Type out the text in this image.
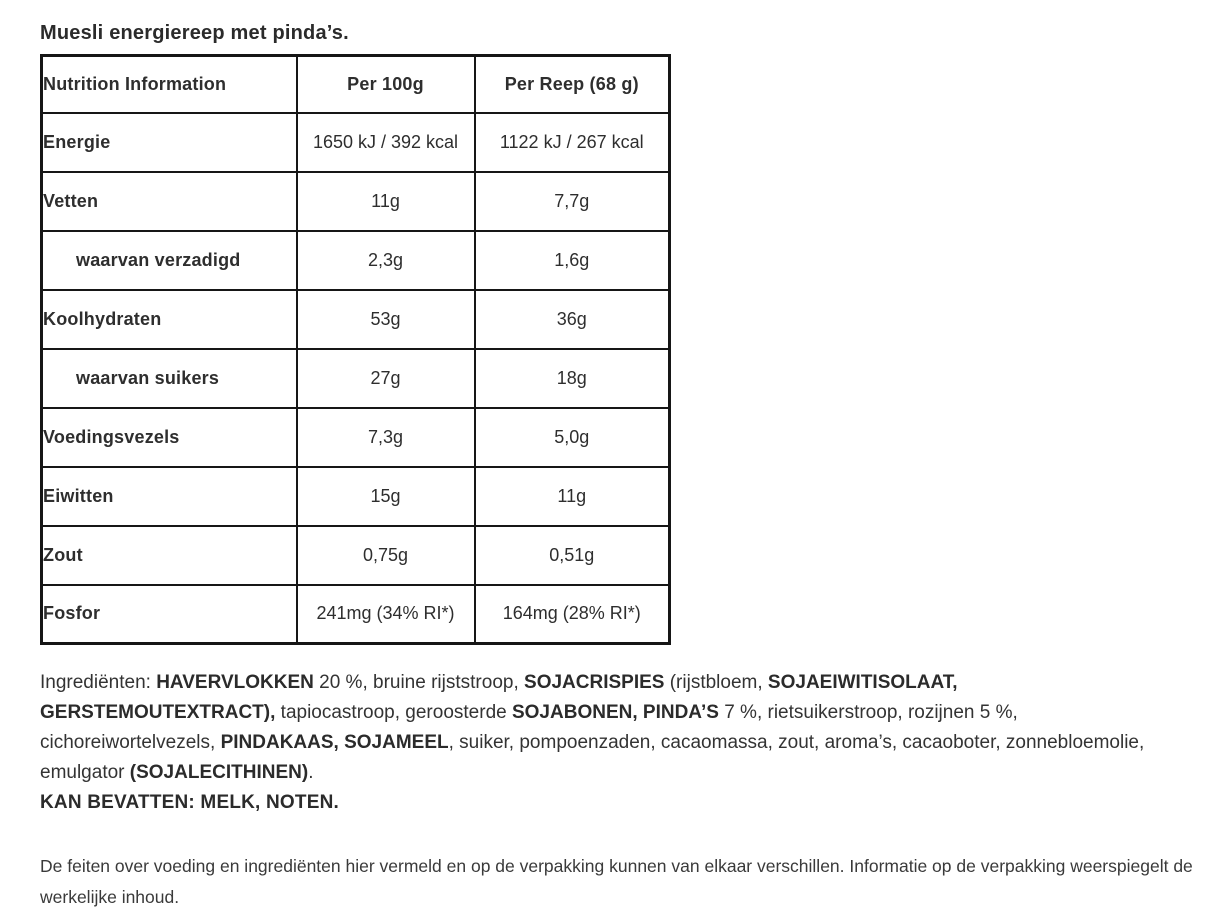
Muesli energiereep met pinda’s.
Nutrition Information	Per 100g	Per Reep (68 g)
Energie	1650 kJ / 392 kcal	1122 kJ / 267 kcal
Vetten	11g	7,7g
waarvan verzadigd	2,3g	1,6g
Koolhydraten	53g	36g
waarvan suikers	27g	18g
Voedingsvezels	7,3g	5,0g
Eiwitten	15g	11g
Zout	0,75g	0,51g
Fosfor	241mg (34% RI*)	164mg (28% RI*)

Ingrediënten: HAVERVLOKKEN 20 %, bruine rijststroop, SOJACRISPIES (rijstbloem, SOJAEIWITISOLAAT, GERSTEMOUTEXTRACT), tapiocastroop, geroosterde SOJABONEN, PINDA’S 7 %, rietsuikerstroop, rozijnen 5 %, cichoreiwortelvezels, PINDAKAAS, SOJAMEEL, suiker, pompoenzaden, cacaomassa, zout, aroma’s, cacaoboter, zonnebloemolie, emulgator (SOJALECITHINEN).

KAN BEVATTEN: MELK, NOTEN.

De feiten over voeding en ingrediënten hier vermeld en op de verpakking kunnen van elkaar verschillen. Informatie op de verpakking weerspiegelt de werkelijke inhoud.
